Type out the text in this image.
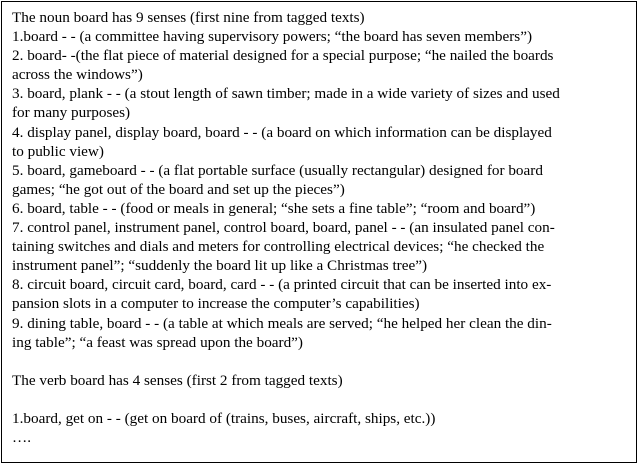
The noun board has 9 senses (first nine from tagged texts)
1.board - - (a committee having supervisory powers; “the board has seven members”)
2. board- -(the flat piece of material designed for a special purpose; “he nailed the boards
across the windows”)
3. board, plank - - (a stout length of sawn timber; made in a wide variety of sizes and used
for many purposes)
4. display panel, display board, board - - (a board on which information can be displayed
to public view)
5. board, gameboard - - (a flat portable surface (usually rectangular) designed for board
games; “he got out of the board and set up the pieces”)
6. board, table - - (food or meals in general; “she sets a fine table”; “room and board”)
7. control panel, instrument panel, control board, board, panel - - (an insulated panel con-
taining switches and dials and meters for controlling electrical devices; “he checked the
instrument panel”; “suddenly the board lit up like a Christmas tree”)
8. circuit board, circuit card, board, card - - (a printed circuit that can be inserted into ex-
pansion slots in a computer to increase the computer’s capabilities)
9. dining table, board - - (a table at which meals are served; “he helped her clean the din-
ing table”; “a feast was spread upon the board”)
The verb board has 4 senses (first 2 from tagged texts)
1.board, get on - - (get on board of (trains, buses, aircraft, ships, etc.))
….
